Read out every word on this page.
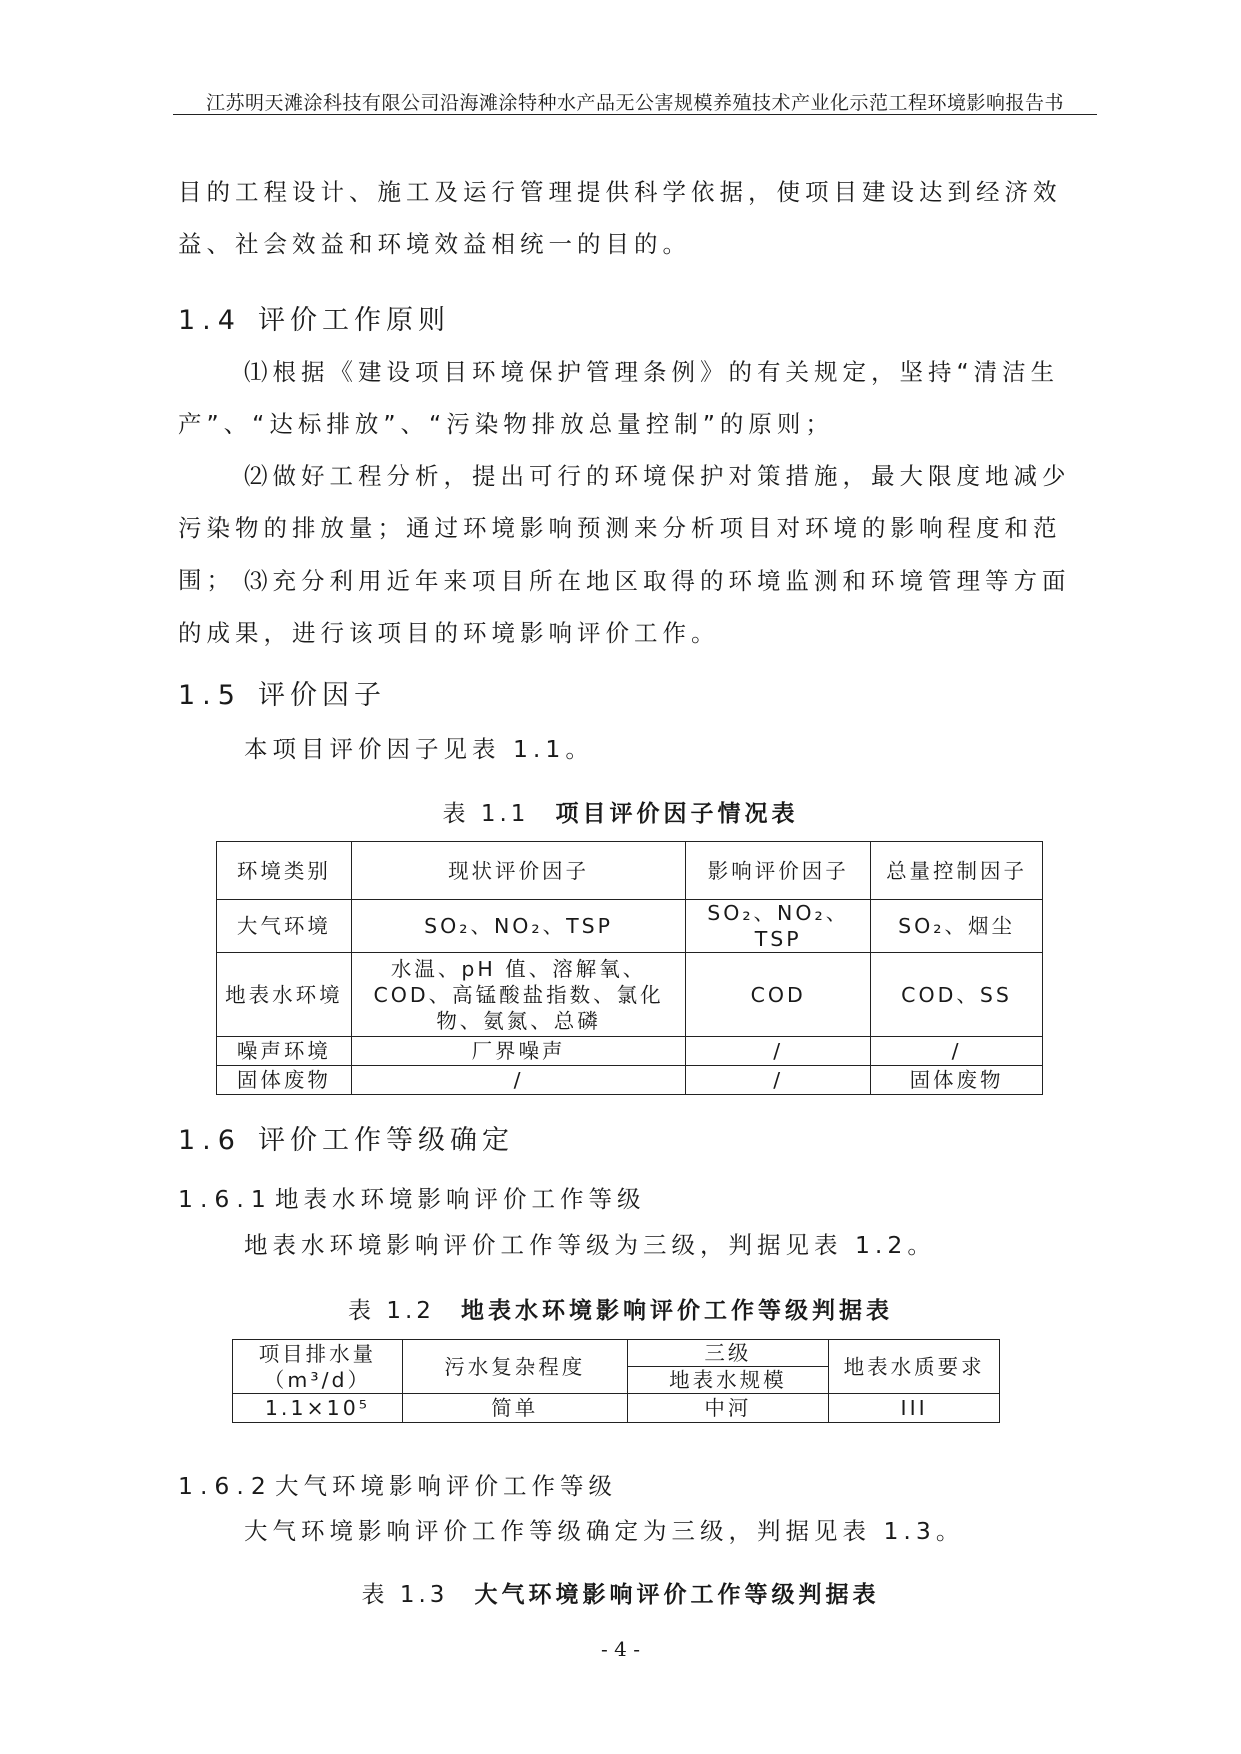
江苏明天滩涂科技有限公司沿海滩涂特种水产品无公害规模养殖技术产业化示范工程环境影响报告书

目的工程设计、施工及运行管理提供科学依据，使项目建设达到经济效益、社会效益和环境效益相统一的目的。

1.4 评价工作原则

⑴根据《建设项目环境保护管理条例》的有关规定，坚持“清洁生产”、“达标排放”、“污染物排放总量控制”的原则；

⑵做好工程分析，提出可行的环境保护对策措施，最大限度地减少污染物的排放量；通过环境影响预测来分析项目对环境的影响程度和范围； ⑶充分利用近年来项目所在地区取得的环境监测和环境管理等方面的成果，进行该项目的环境影响评价工作。

1.5 评价因子

本项目评价因子见表 1.1。

表 1.1 项目评价因子情况表
环境类别	现状评价因子	影响评价因子	总量控制因子
大气环境	SO₂、NO₂、TSP	SO₂、NO₂、TSP	SO₂、烟尘
地表水环境	水温、pH 值、溶解氧、COD、高锰酸盐指数、氯化物、氨氮、总磷	COD	COD、SS
噪声环境	厂界噪声	/	/
固体废物	/	/	固体废物
1.6 评价工作等级确定
1.6.1地表水环境影响评价工作等级

地表水环境影响评价工作等级为三级，判据见表 1.2。

表 1.2 地表水环境影响评价工作等级判据表
项目排水量（m³/d）	污水复杂程度	三级	地表水质要求
		地表水规模	
1.1×10⁵	简单	中河	III
1.6.2大气环境影响评价工作等级

大气环境影响评价工作等级确定为三级，判据见表 1.3。

表 1.3 大气环境影响评价工作等级判据表
- 4 -
